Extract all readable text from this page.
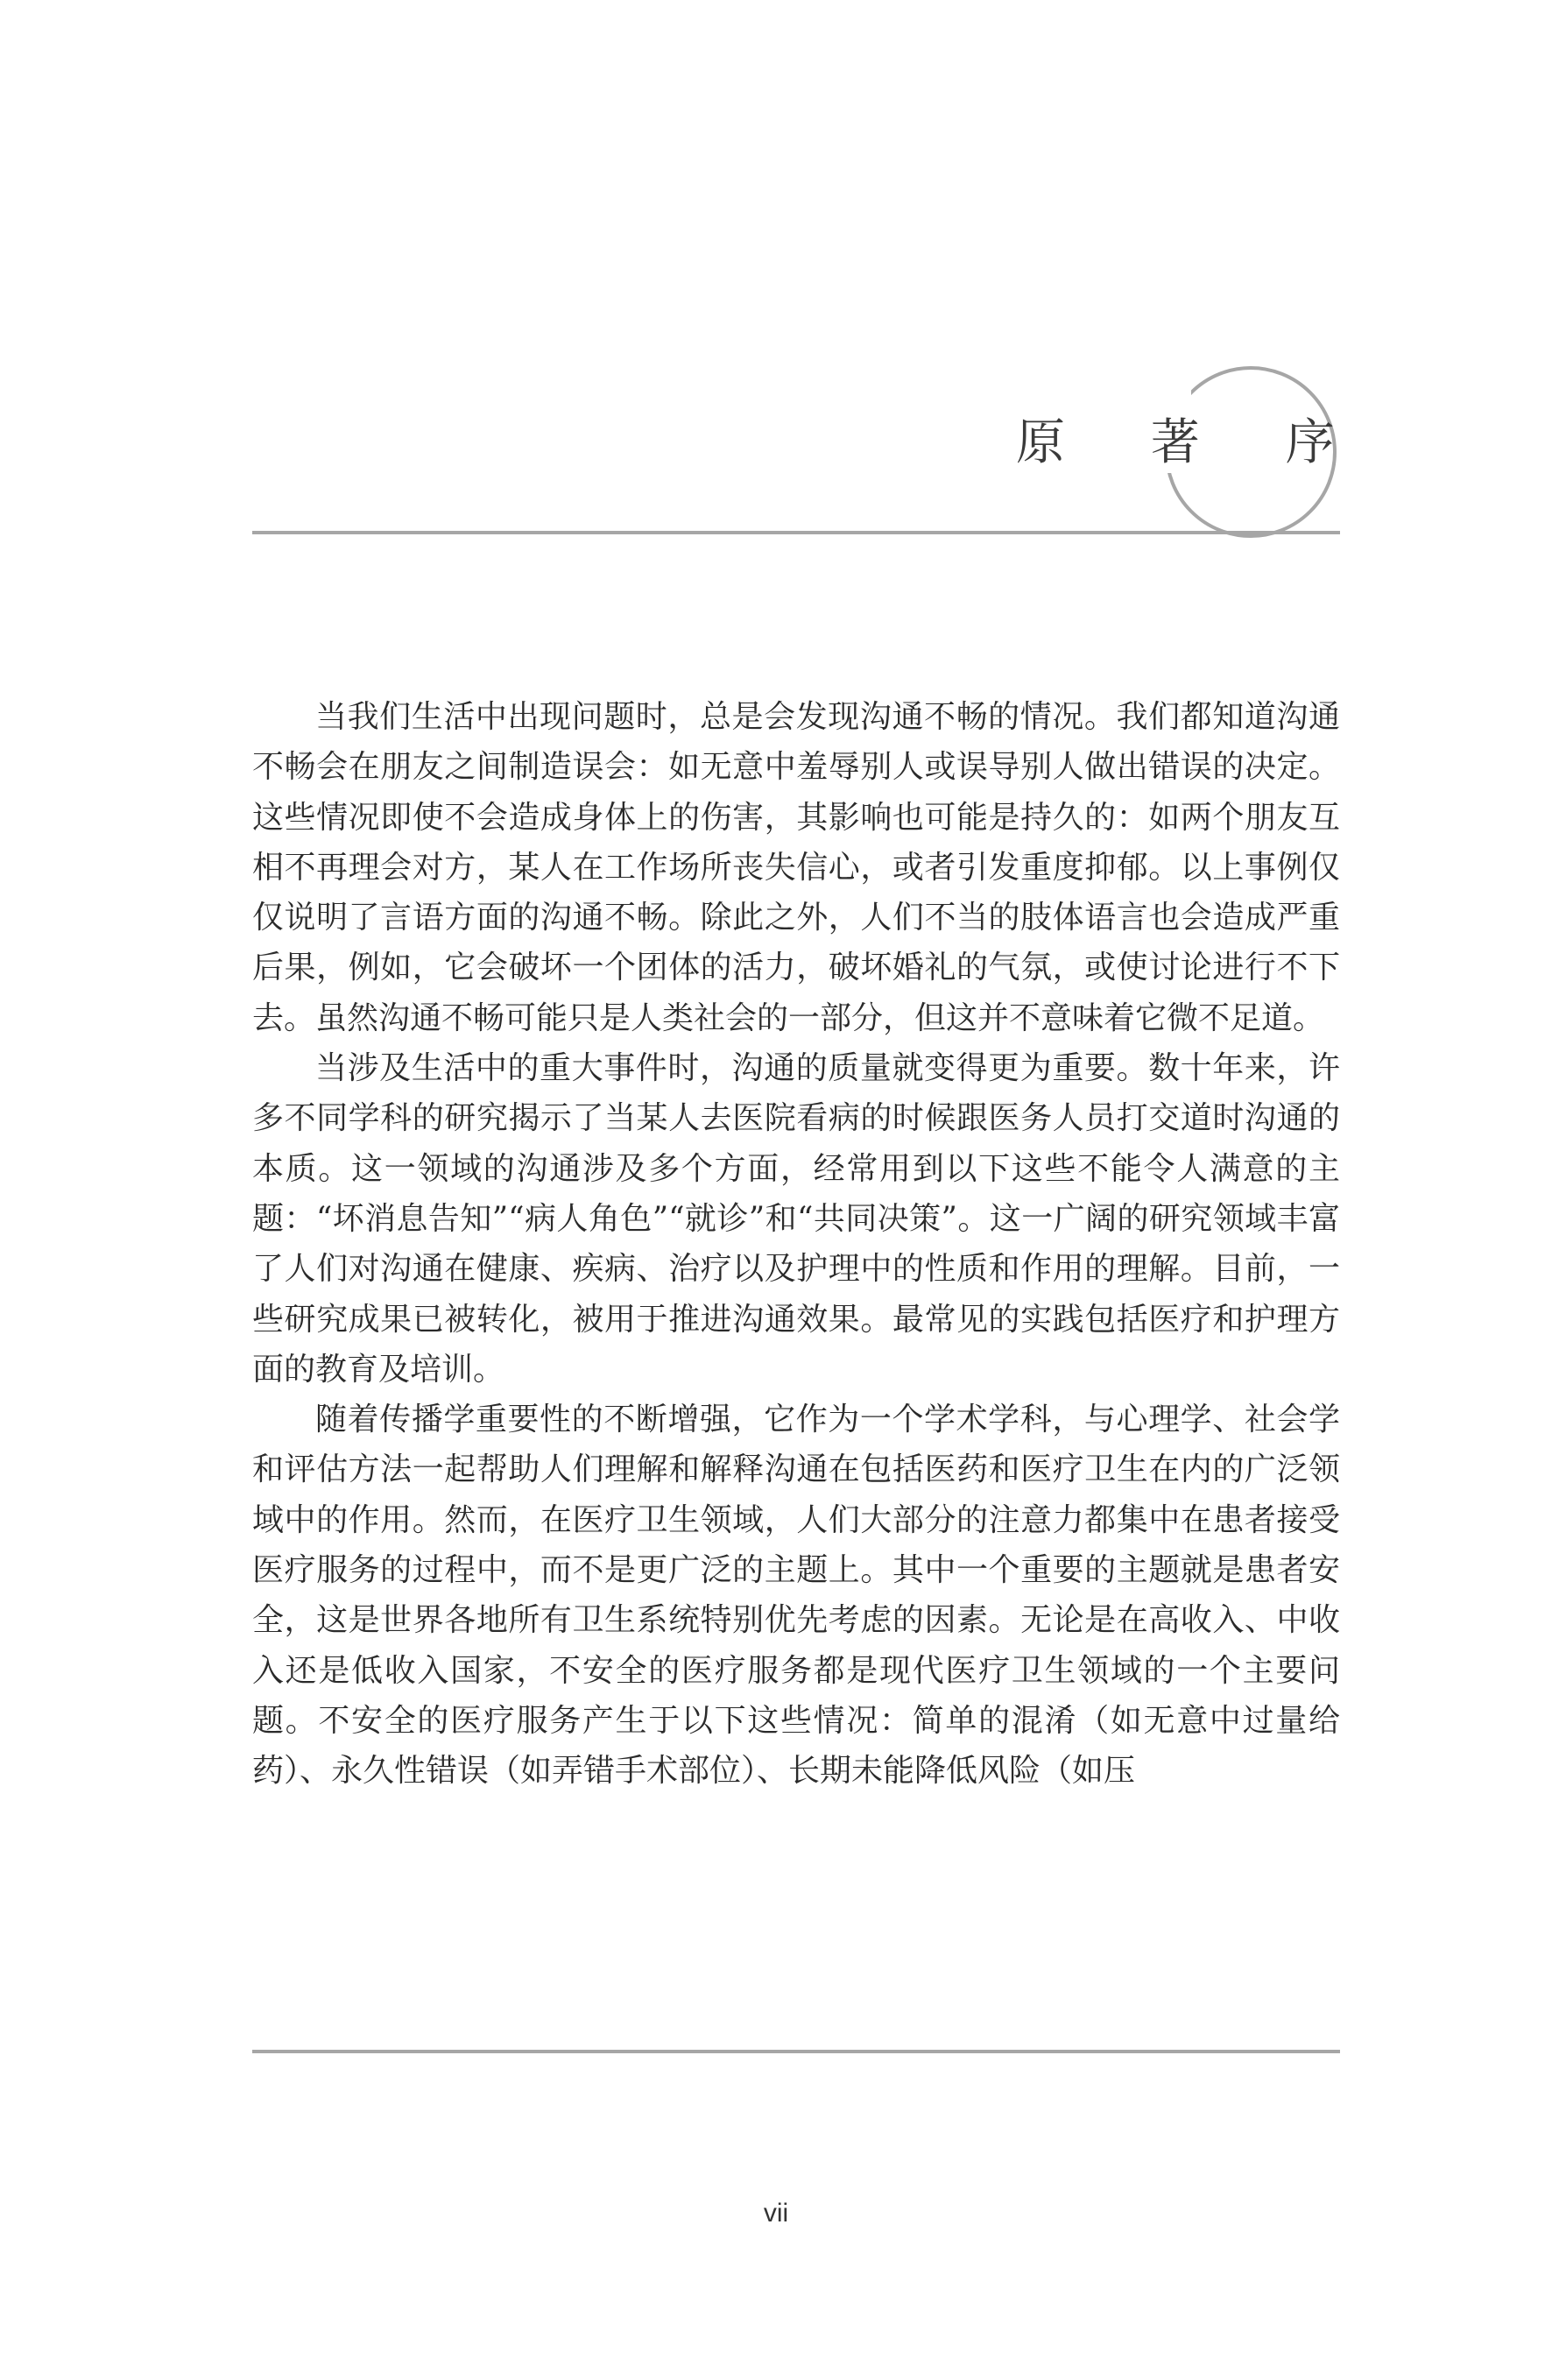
原 著 序

当我们生活中出现问题时，总是会发现沟通不畅的情况。我们都知道沟通不畅会在朋友之间制造误会：如无意中羞辱别人或误导别人做出错误的决定。这些情况即使不会造成身体上的伤害，其影响也可能是持久的：如两个朋友互相不再理会对方，某人在工作场所丧失信心，或者引发重度抑郁。以上事例仅仅说明了言语方面的沟通不畅。除此之外，人们不当的肢体语言也会造成严重后果，例如，它会破坏一个团体的活力，破坏婚礼的气氛，或使讨论进行不下去。虽然沟通不畅可能只是人类社会的一部分，但这并不意味着它微不足道。

当涉及生活中的重大事件时，沟通的质量就变得更为重要。数十年来，许多不同学科的研究揭示了当某人去医院看病的时候跟医务人员打交道时沟通的本质。这一领域的沟通涉及多个方面，经常用到以下这些不能令人满意的主题：“坏消息告知”“病人角色”“就诊”和“共同决策”。这一广阔的研究领域丰富了人们对沟通在健康、疾病、治疗以及护理中的性质和作用的理解。目前，一些研究成果已被转化，被用于推进沟通效果。最常见的实践包括医疗和护理方面的教育及培训。

随着传播学重要性的不断增强，它作为一个学术学科，与心理学、社会学和评估方法一起帮助人们理解和解释沟通在包括医药和医疗卫生在内的广泛领域中的作用。然而，在医疗卫生领域，人们大部分的注意力都集中在患者接受医疗服务的过程中，而不是更广泛的主题上。其中一个重要的主题就是患者安全，这是世界各地所有卫生系统特别优先考虑的因素。无论是在高收入、中收入还是低收入国家，不安全的医疗服务都是现代医疗卫生领域的一个主要问题。不安全的医疗服务产生于以下这些情况：简单的混淆（如无意中过量给药）、永久性错误（如弄错手术部位）、长期未能降低风险（如压

vii
